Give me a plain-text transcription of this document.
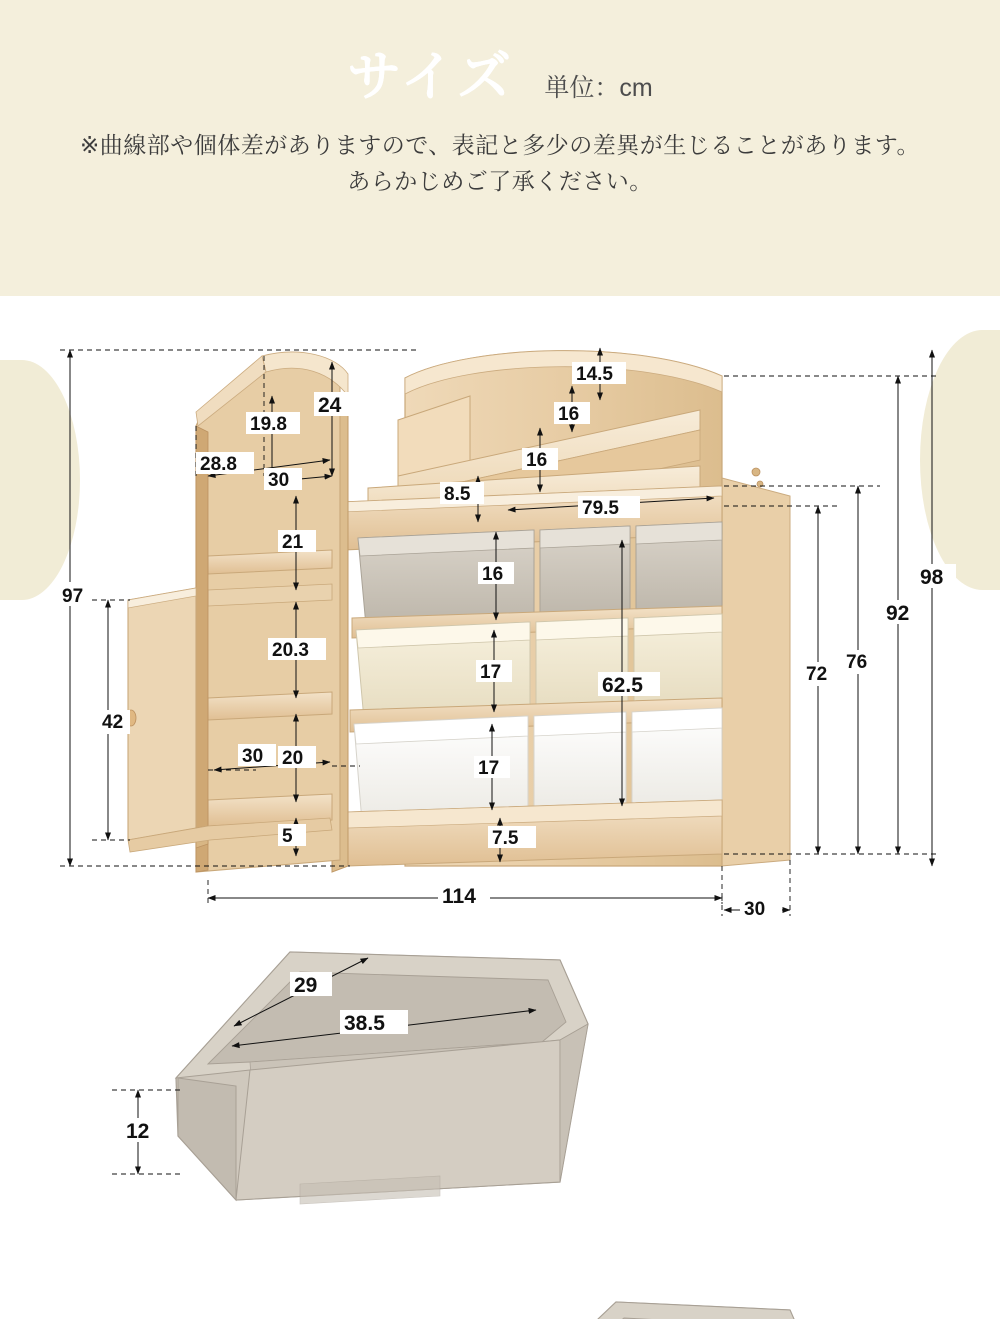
サイズ 単位：cm
※曲線部や個体差がありますので、表記と多少の差異が生じることがあります。
あらかじめご了承ください。
97
42
19.8
28.8
30
24
21
20.3
20
5
30
14.5
16
16
8.5
79.5
16
17
17
7.5
62.5	72
76
92
98
114
30
29
38.5
12
